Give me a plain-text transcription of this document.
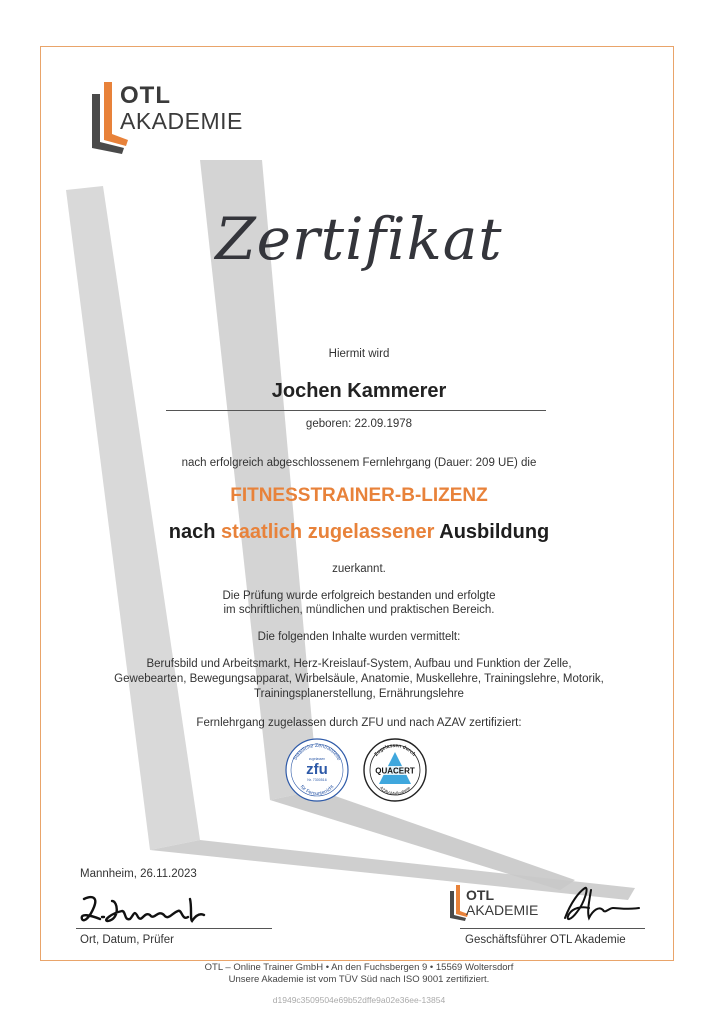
OTL
AKADEMIE
Zertifikat
Hiermit wird
Jochen Kammerer
geboren: 22.09.1978
nach erfolgreich abgeschlossenem Fernlehrgang (Dauer: 209 UE) die
FITNESSTRAINER-B-LIZENZ
nach staatlich zugelassener Ausbildung
zuerkannt.
Die Prüfung wurde erfolgreich bestanden und erfolgte
im schriftlichen, mündlichen und praktischen Bereich.
Die folgenden Inhalte wurden vermittelt:
Berufsbild und Arbeitsmarkt, Herz-Kreislauf-System, Aufbau und Funktion der Zelle,
Gewebearten, Bewegungsapparat, Wirbelsäule, Anatomie, Muskellehre, Trainingslehre, Motorik,
Trainingsplanerstellung, Ernährungslehre
Fernlehrgang zugelassen durch ZFU und nach AZAV zertifiziert:
Staatliche Zentralstelle
zugelassen
zfu
Nr. 7300516
für Fernunterricht
Zugelassen durch
QUACERT
AZAV-Maßnahme
Mannheim, 26.11.2023
Ort, Datum, Prüfer
OTL
AKADEMIE
Geschäftsführer OTL Akademie
OTL – Online Trainer GmbH • An den Fuchsbergen 9 • 15569 Woltersdorf
Unsere Akademie ist vom TÜV Süd nach ISO 9001 zertifiziert.
d1949c3509504e69b52dffe9a02e36ee-13854
